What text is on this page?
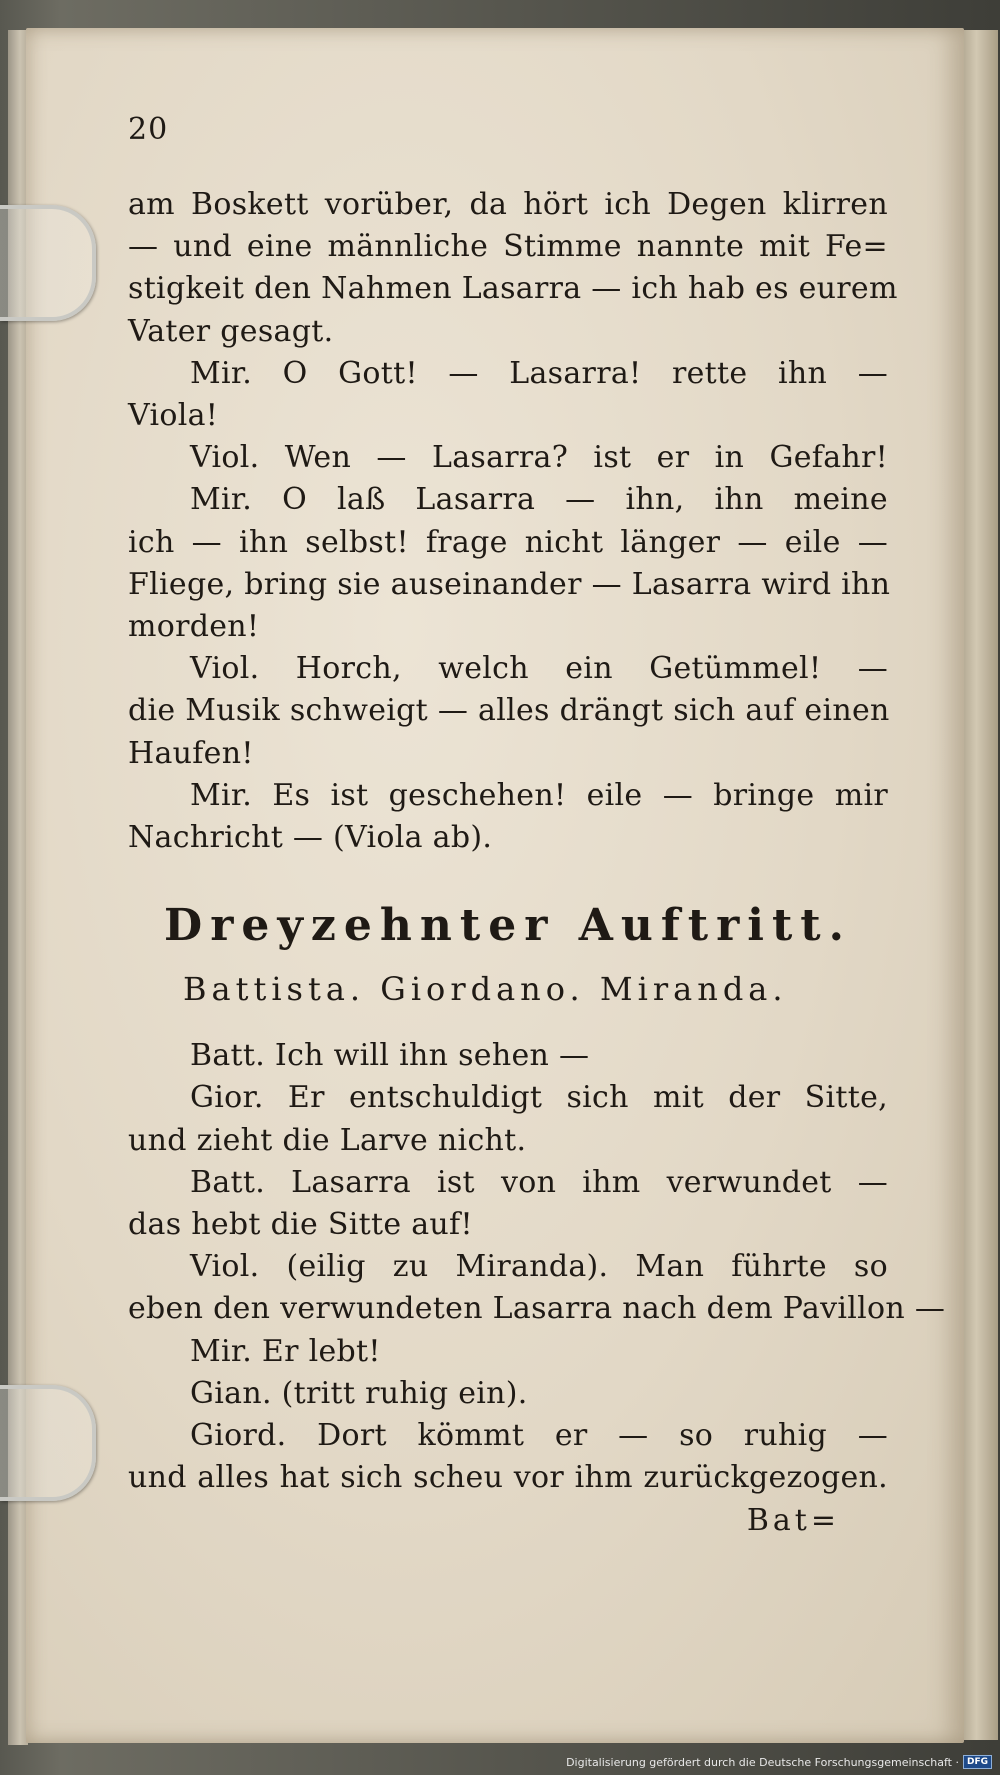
20
am Boskett vorüber, da hört ich Degen klirren
— und eine männliche Stimme nannte mit Fe=
stigkeit den Nahmen Lasarra — ich hab es eurem
Vater gesagt.
Mir. O Gott! — Lasarra! rette ihn —
Viola!
Viol. Wen — Lasarra? ist er in Gefahr!
Mir. O laß Lasarra — ihn, ihn meine
ich — ihn selbst! frage nicht länger — eile —
Fliege, bring sie auseinander — Lasarra wird ihn
morden!
Viol. Horch, welch ein Getümmel! —
die Musik schweigt — alles drängt sich auf einen
Haufen!
Mir. Es ist geschehen! eile — bringe mir
Nachricht — (Viola ab).
Dreyzehnter Auftritt.
Battista. Giordano. Miranda.
Batt. Ich will ihn sehen —
Gior. Er entschuldigt sich mit der Sitte,
und zieht die Larve nicht.
Batt. Lasarra ist von ihm verwundet —
das hebt die Sitte auf!
Viol. (eilig zu Miranda). Man führte so
eben den verwundeten Lasarra nach dem Pavillon —
Mir. Er lebt!
Gian. (tritt ruhig ein).
Giord. Dort kömmt er — so ruhig —
und alles hat sich scheu vor ihm zurückgezogen.
Bat=
Digitalisierung gefördert durch die Deutsche Forschungsgemeinschaft · DFG
